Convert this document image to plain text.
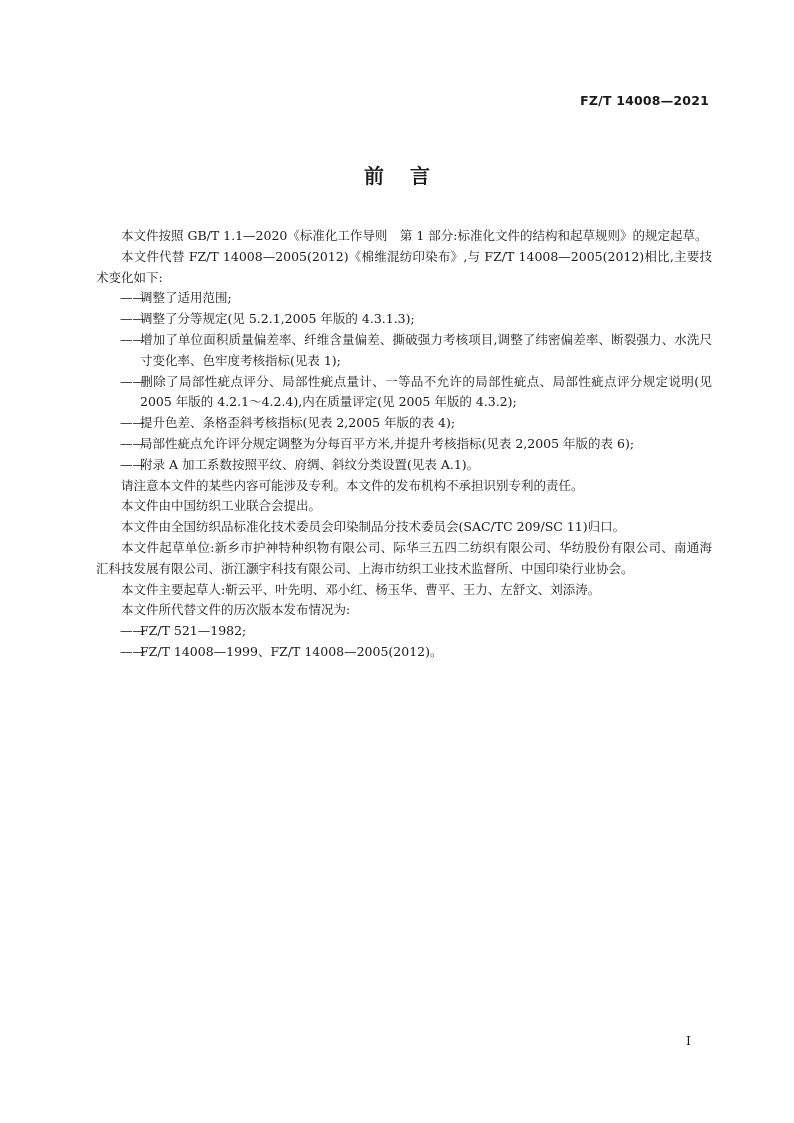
FZ/T 14008—2021
前言

本文件按照 GB/T 1.1—2020《标准化工作导则　第 1 部分:标准化文件的结构和起草规则》的规定起草。

本文件代替 FZ/T 14008—2005(2012)《棉维混纺印染布》,与 FZ/T 14008—2005(2012)相比,主要技术变化如下:

——调整了适用范围;

——调整了分等规定(见 5.2.1,2005 年版的 4.3.1.3);

——增加了单位面积质量偏差率、纤维含量偏差、撕破强力考核项目,调整了纬密偏差率、断裂强力、水洗尺寸变化率、色牢度考核指标(见表 1);

——删除了局部性疵点评分、局部性疵点量计、一等品不允许的局部性疵点、局部性疵点评分规定说明(见 2005 年版的 4.2.1～4.2.4),内在质量评定(见 2005 年版的 4.3.2);

——提升色差、条格歪斜考核指标(见表 2,2005 年版的表 4);

——局部性疵点允许评分规定调整为分每百平方米,并提升考核指标(见表 2,2005 年版的表 6);

——附录 A 加工系数按照平纹、府绸、斜纹分类设置(见表 A.1)。

请注意本文件的某些内容可能涉及专利。本文件的发布机构不承担识别专利的责任。

本文件由中国纺织工业联合会提出。

本文件由全国纺织品标准化技术委员会印染制品分技术委员会(SAC/TC 209/SC 11)归口。

本文件起草单位:新乡市护神特种织物有限公司、际华三五四二纺织有限公司、华纺股份有限公司、南通海汇科技发展有限公司、浙江灏宇科技有限公司、上海市纺织工业技术监督所、中国印染行业协会。

本文件主要起草人:靳云平、叶先明、邓小红、杨玉华、曹平、王力、左舒文、刘添涛。

本文件所代替文件的历次版本发布情况为:

——FZ/T 521—1982;

——FZ/T 14008—1999、FZ/T 14008—2005(2012)。

I
